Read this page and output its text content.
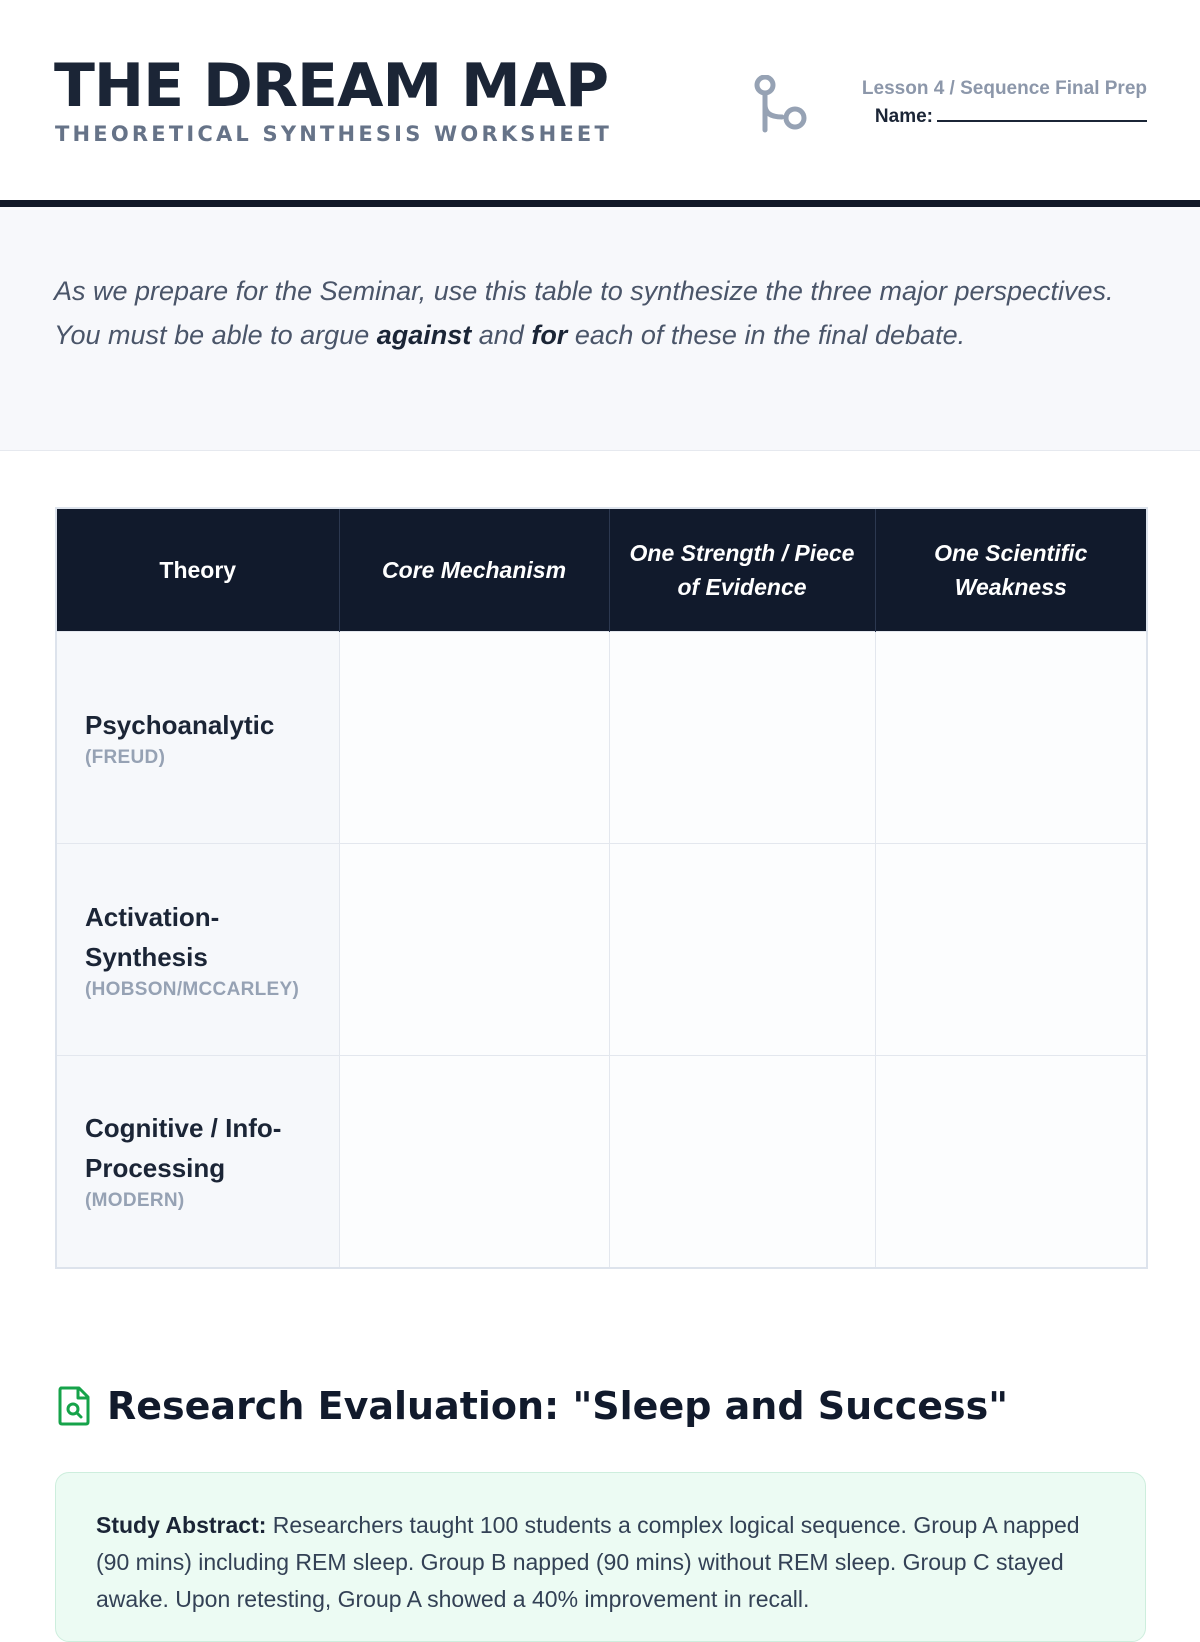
THE DREAM MAP
THEORETICAL SYNTHESIS WORKSHEET
Lesson 4 / Sequence Final Prep
Name:

As we prepare for the Seminar, use this table to synthesize the three major perspectives. You must be able to argue against and for each of these in the final debate.

Theory	Core Mechanism	One Strength / Piece of Evidence	One Scientific Weakness

Psychoanalytic
(FREUD)			

Activation-Synthesis
(HOBSON/MCCARLEY)			

Cognitive / Info-Processing
(MODERN)			

Research Evaluation: "Sleep and Success"

Study Abstract: Researchers taught 100 students a complex logical sequence. Group A napped (90 mins) including REM sleep. Group B napped (90 mins) without REM sleep. Group C stayed awake. Upon retesting, Group A showed a 40% improvement in recall.
